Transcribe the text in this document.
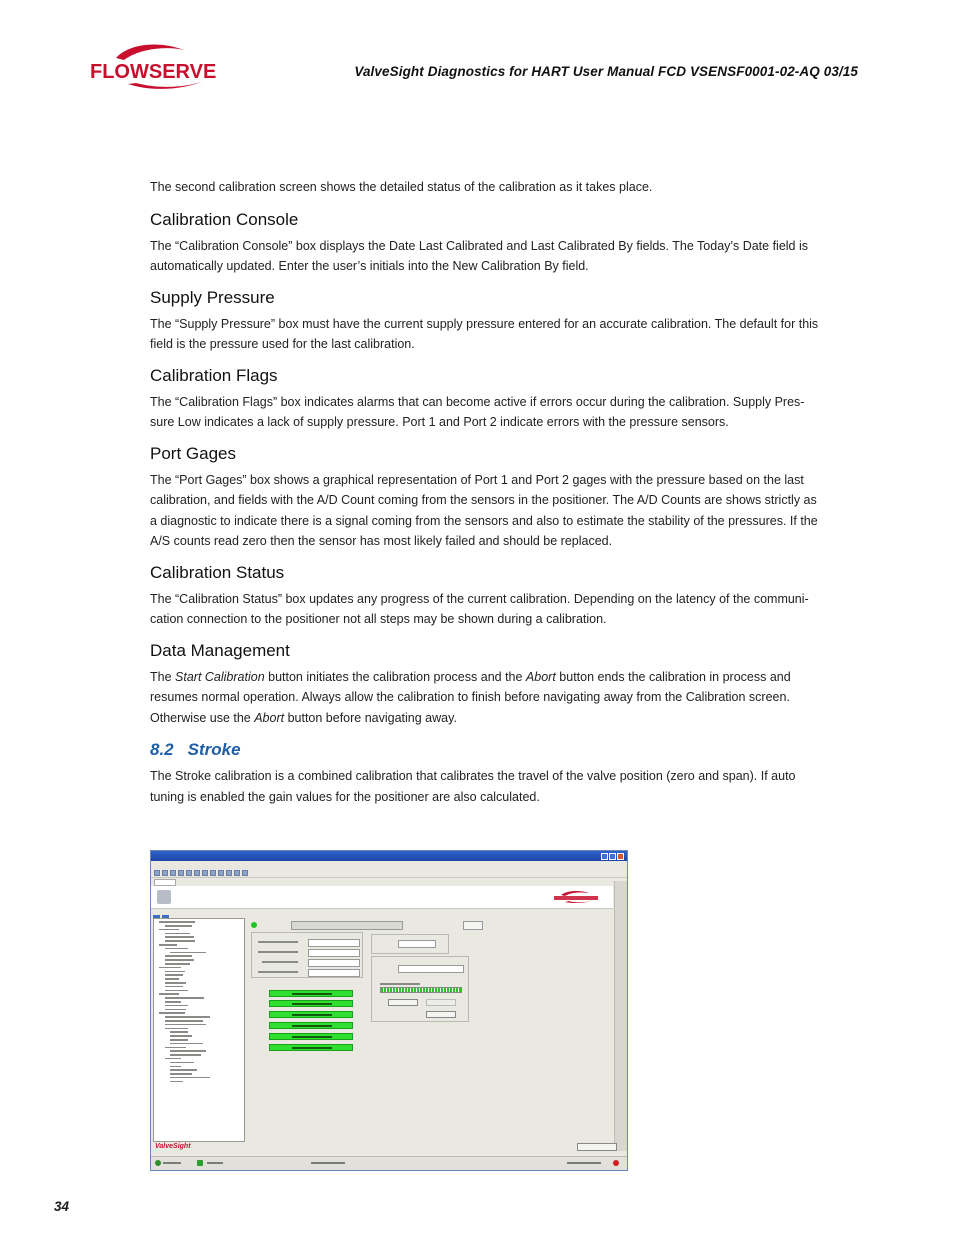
FLOWSERVE	ValveSight Diagnostics for HART User Manual FCD VSENSF0001-02-AQ 03/15

The second calibration screen shows the detailed status of the calibration as it takes place.

Calibration Console

The “Calibration Console” box displays the Date Last Calibrated and Last Calibrated By fields. The Today’s Date field is automatically updated. Enter the user’s initials into the New Calibration By field.

Supply Pressure

The “Supply Pressure” box must have the current supply pressure entered for an accurate calibration. The default for this field is the pressure used for the last calibration.

Calibration Flags

The “Calibration Flags” box indicates alarms that can become active if errors occur during the calibration. Supply Pres-sure Low indicates a lack of supply pressure. Port 1 and Port 2 indicate errors with the pressure sensors.

Port Gages

The “Port Gages” box shows a graphical representation of Port 1 and Port 2 gages with the pressure based on the last calibration, and fields with the A/D Count coming from the sensors in the positioner. The A/D Counts are shows strictly as a diagnostic to indicate there is a signal coming from the sensors and also to estimate the stability of the pressures. If the A/S counts read zero then the sensor has most likely failed and should be replaced.

Calibration Status

The “Calibration Status” box updates any progress of the current calibration. Depending on the latency of the communi-cation connection to the positioner not all steps may be shown during a calibration.

Data Management

The Start Calibration button initiates the calibration process and the Abort button ends the calibration in process and resumes normal operation. Always allow the calibration to finish before navigating away from the Calibration screen. Otherwise use the Abort button before navigating away.

8.2 Stroke

The Stroke calibration is a combined calibration that calibrates the travel of the valve position (zero and span). If auto tuning is enabled the gain values for the positioner are also calculated.

ValveSight
34
